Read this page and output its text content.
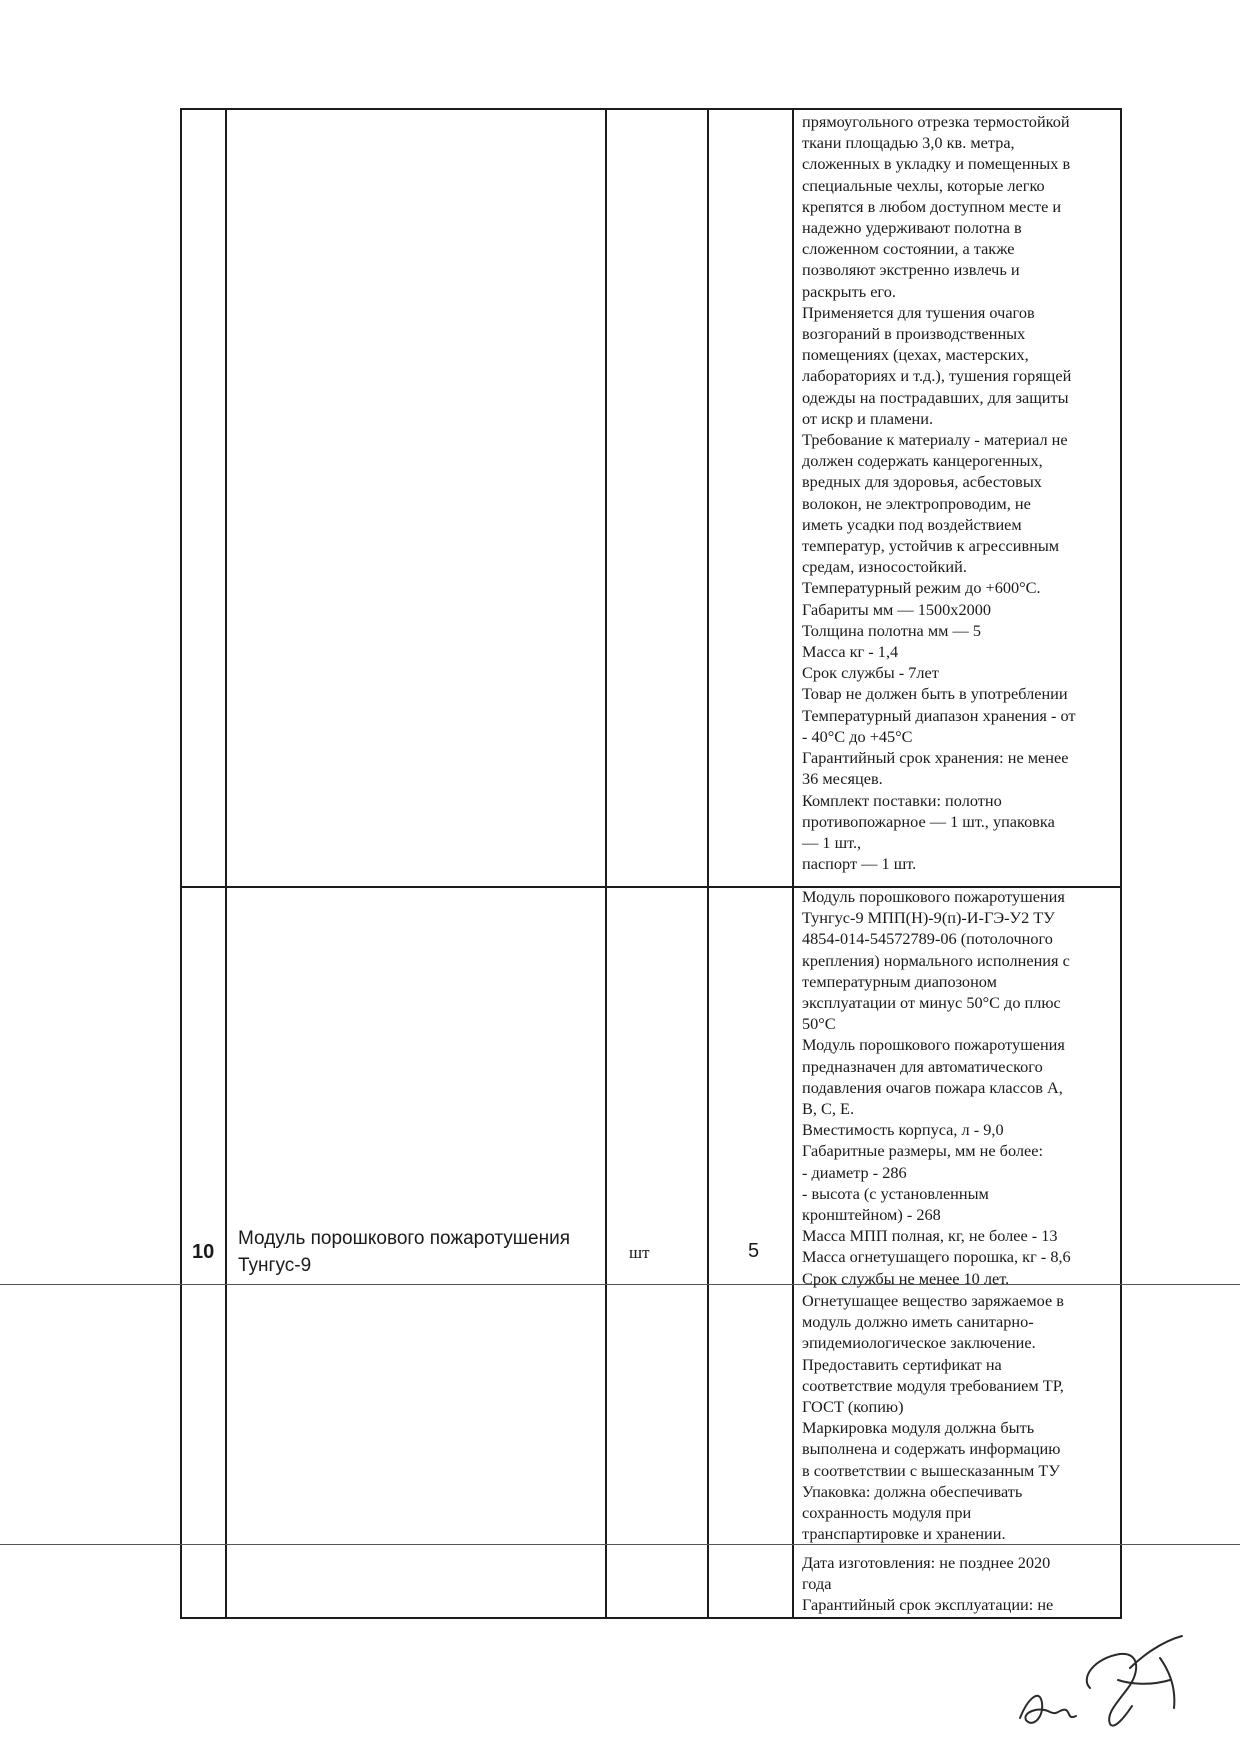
прямоугольного отрезка термостойкой
ткани площадью 3,0 кв. метра,
сложенных в укладку и помещенных в
специальные чехлы, которые легко
крепятся в любом доступном месте и
надежно удерживают полотна в
сложенном состоянии, а также
позволяют экстренно извлечь и
раскрыть его.
Применяется для тушения очагов
возгораний в производственных
помещениях (цехах, мастерских,
лабораториях и т.д.), тушения горящей
одежды на пострадавших, для защиты
от искр и пламени.
Требование к материалу - материал не
должен содержать канцерогенных,
вредных для здоровья, асбестовых
волокон, не электропроводим, не
иметь усадки под воздействием
температур, устойчив к агрессивным
средам, износостойкий.
Температурный режим до +600°С.
Габариты мм — 1500х2000
Толщина полотна мм — 5
Масса кг - 1,4
Срок службы - 7лет
Товар не должен быть в употреблении
Температурный диапазон хранения - от
- 40°С до +45°С
Гарантийный срок хранения: не менее
36 месяцев.
Комплект поставки: полотно
противопожарное — 1 шт., упаковка
— 1 шт.,
паспорт — 1 шт.
10
Модуль порошкового пожаротушения Тунгус-9
шт	5
Модуль порошкового пожаротушения
Тунгус-9 МПП(Н)-9(п)-И-ГЭ-У2 ТУ
4854-014-54572789-06 (потолочного
крепления) нормального исполнения с
температурным диапозоном
эксплуатации от минус 50°С до плюс
50°С
Модуль порошкового пожаротушения
предназначен для автоматического
подавления очагов пожара классов А,
В, С, Е.
Вместимость корпуса, л - 9,0
Габаритные размеры, мм не более:
- диаметр - 286
- высота (с установленным
кронштейном) - 268
Масса МПП полная, кг, не более - 13
Масса огнетушащего порошка, кг - 8,6
Срок службы не менее 10 лет.
Огнетушащее вещество заряжаемое в
модуль должно иметь санитарно-
эпидемиологическое заключение.
Предоставить сертификат на
соответствие модуля требованием ТР,
ГОСТ (копию)
Маркировка модуля должна быть
выполнена и содержать информацию
в соответствии с вышесказанным ТУ
Упаковка: должна обеспечивать
сохранность модуля при
транспартировке и хранении.
Дата изготовления: не позднее 2020
года
Гарантийный срок эксплуатации: не
